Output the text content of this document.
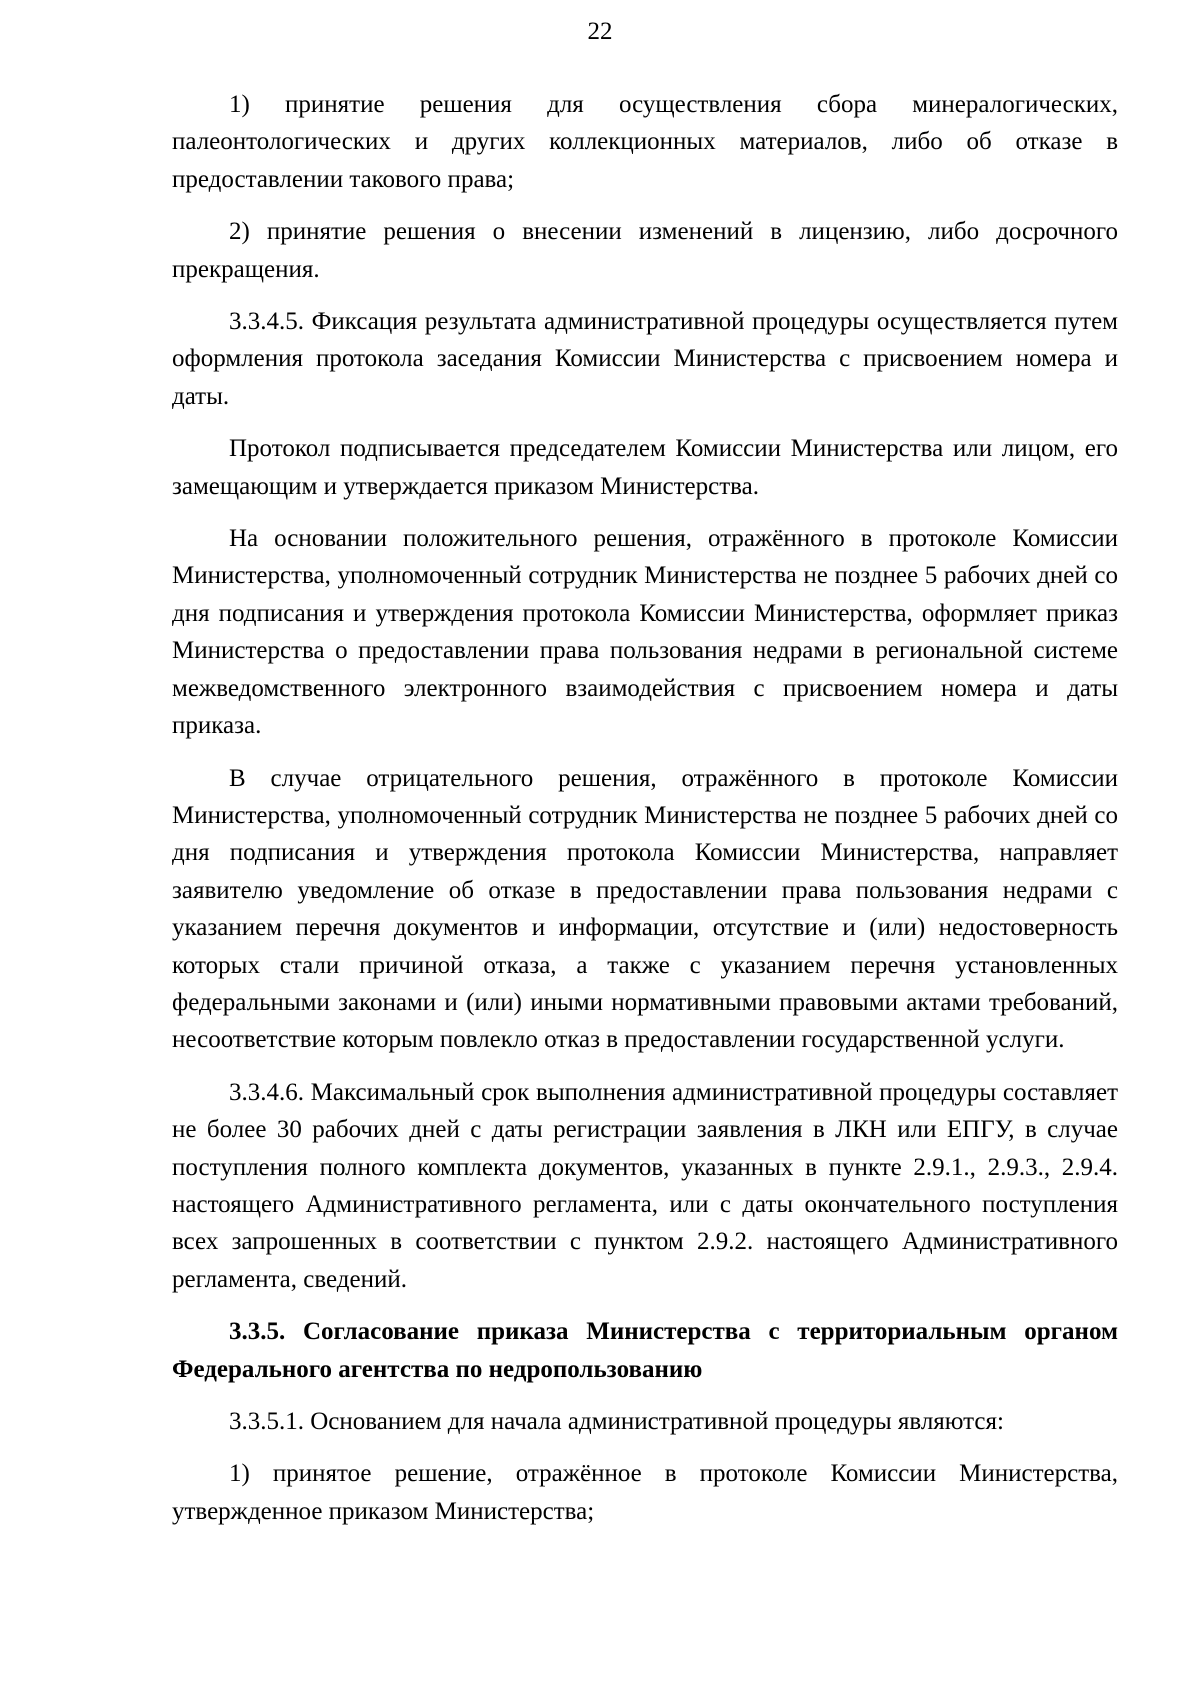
22

1) принятие решения для осуществления сбора минералогических, палеонтологических и других коллекционных материалов, либо об отказе в предоставлении такового права;

2) принятие решения о внесении изменений в лицензию, либо досрочного прекращения.

3.3.4.5. Фиксация результата административной процедуры осуществляется путем оформления протокола заседания Комиссии Министерства с присвоением номера и даты.

Протокол подписывается председателем Комиссии Министерства или лицом, его замещающим и утверждается приказом Министерства.

На основании положительного решения, отражённого в протоколе Комиссии Министерства, уполномоченный сотрудник Министерства не позднее 5 рабочих дней со дня подписания и утверждения протокола Комиссии Министерства, оформляет приказ Министерства о предоставлении права пользования недрами в региональной системе межведомственного электронного взаимодействия с присвоением номера и даты приказа.

В случае отрицательного решения, отражённого в протоколе Комиссии Министерства, уполномоченный сотрудник Министерства не позднее 5 рабочих дней со дня подписания и утверждения протокола Комиссии Министерства, направляет заявителю уведомление об отказе в предоставлении права пользования недрами с указанием перечня документов и информации, отсутствие и (или) недостоверность которых стали причиной отказа, а также с указанием перечня установленных федеральными законами и (или) иными нормативными правовыми актами требований, несоответствие которым повлекло отказ в предоставлении государственной услуги.

3.3.4.6. Максимальный срок выполнения административной процедуры составляет не более 30 рабочих дней с даты регистрации заявления в ЛКН или ЕПГУ, в случае поступления полного комплекта документов, указанных в пункте 2.9.1., 2.9.3., 2.9.4. настоящего Административного регламента, или с даты окончательного поступления всех запрошенных в соответствии с пунктом 2.9.2. настоящего Административного регламента, сведений.

3.3.5. Согласование приказа Министерства с территориальным органом Федерального агентства по недропользованию

3.3.5.1. Основанием для начала административной процедуры являются:

1) принятое решение, отражённое в протоколе Комиссии Министерства, утвержденное приказом Министерства;
